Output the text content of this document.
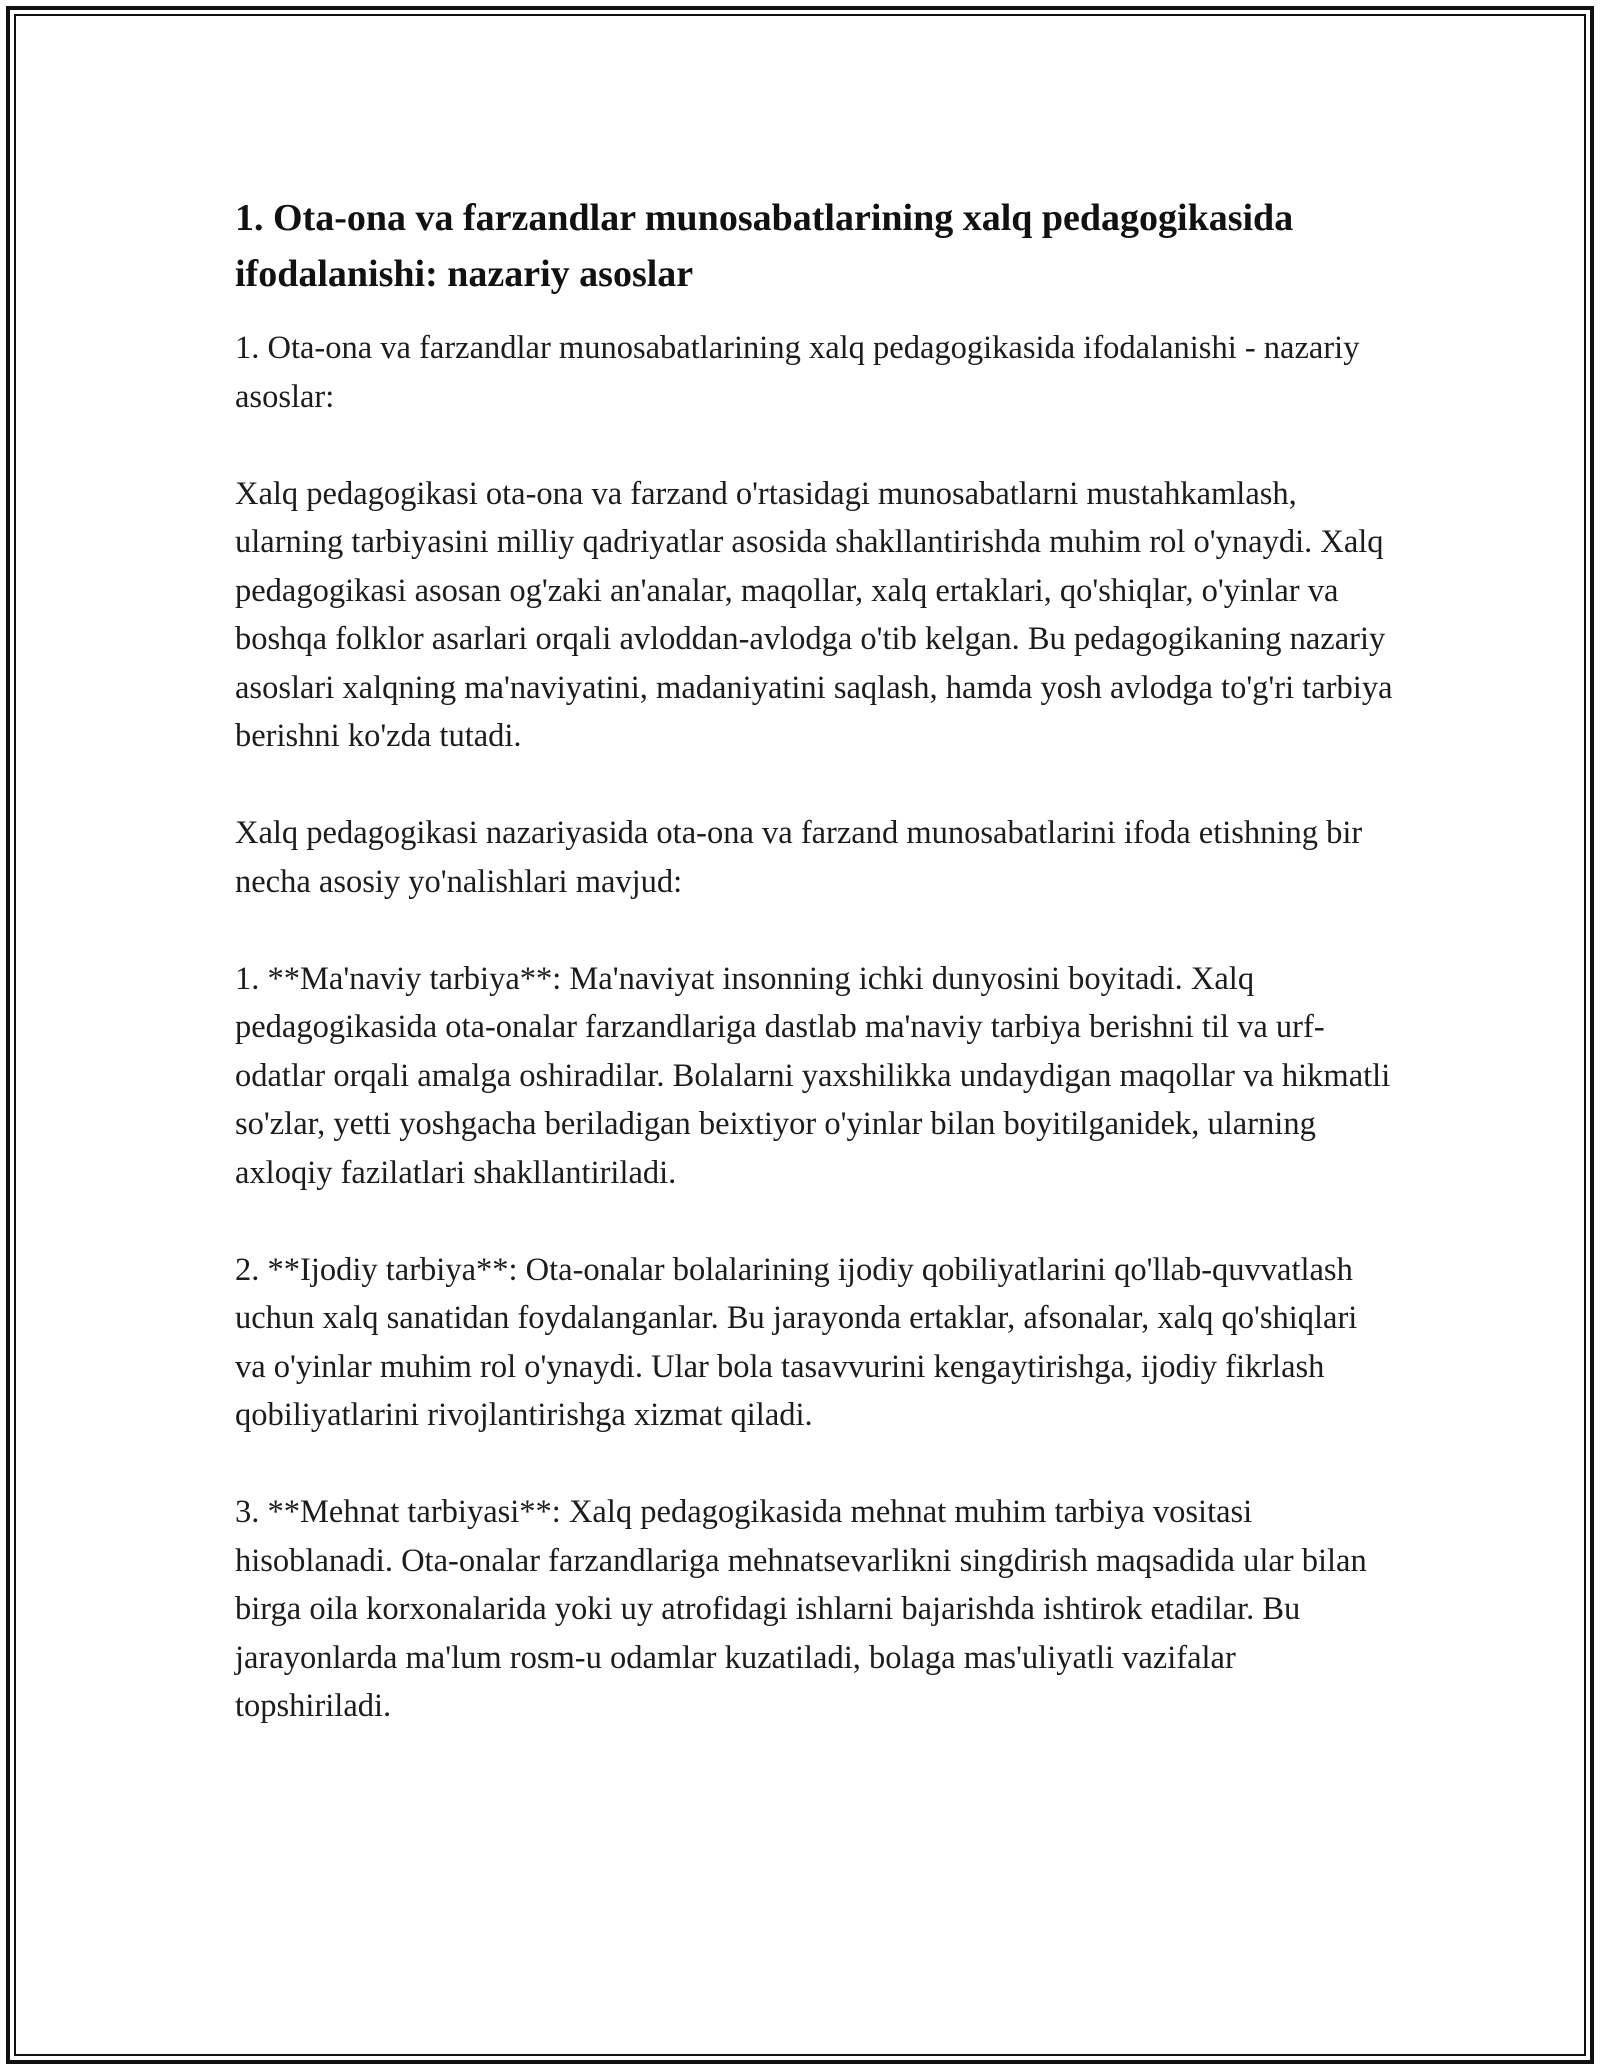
1. Ota-ona va farzandlar munosabatlarining xalq pedagogikasida ifodalanishi: nazariy asoslar

1. Ota-ona va farzandlar munosabatlarining xalq pedagogikasida ifodalanishi - nazariy asoslar:

Xalq pedagogikasi ota-ona va farzand o'rtasidagi munosabatlarni mustahkamlash, ularning tarbiyasini milliy qadriyatlar asosida shakllantirishda muhim rol o'ynaydi. Xalq pedagogikasi asosan og'zaki an'analar, maqollar, xalq ertaklari, qo'shiqlar, o'yinlar va boshqa folklor asarlari orqali avloddan-avlodga o'tib kelgan. Bu pedagogikaning nazariy asoslari xalqning ma'naviyatini, madaniyatini saqlash, hamda yosh avlodga to'g'ri tarbiya berishni ko'zda tutadi.

Xalq pedagogikasi nazariyasida ota-ona va farzand munosabatlarini ifoda etishning bir necha asosiy yo'nalishlari mavjud:

1. **Ma'naviy tarbiya**: Ma'naviyat insonning ichki dunyosini boyitadi. Xalq pedagogikasida ota-onalar farzandlariga dastlab ma'naviy tarbiya berishni til va urf-odatlar orqali amalga oshiradilar. Bolalarni yaxshilikka undaydigan maqollar va hikmatli so'zlar, yetti yoshgacha beriladigan beixtiyor o'yinlar bilan boyitilganidek, ularning axloqiy fazilatlari shakllantiriladi.

2. **Ijodiy tarbiya**: Ota-onalar bolalarining ijodiy qobiliyatlarini qo'llab-quvvatlash uchun xalq sanatidan foydalanganlar. Bu jarayonda ertaklar, afsonalar, xalq qo'shiqlari va o'yinlar muhim rol o'ynaydi. Ular bola tasavvurini kengaytirishga, ijodiy fikrlash qobiliyatlarini rivojlantirishga xizmat qiladi.

3. **Mehnat tarbiyasi**: Xalq pedagogikasida mehnat muhim tarbiya vositasi hisoblanadi. Ota-onalar farzandlariga mehnatsevarlikni singdirish maqsadida ular bilan birga oila korxonalarida yoki uy atrofidagi ishlarni bajarishda ishtirok etadilar. Bu jarayonlarda ma'lum rosm-u odamlar kuzatiladi, bolaga mas'uliyatli vazifalar topshiriladi.
